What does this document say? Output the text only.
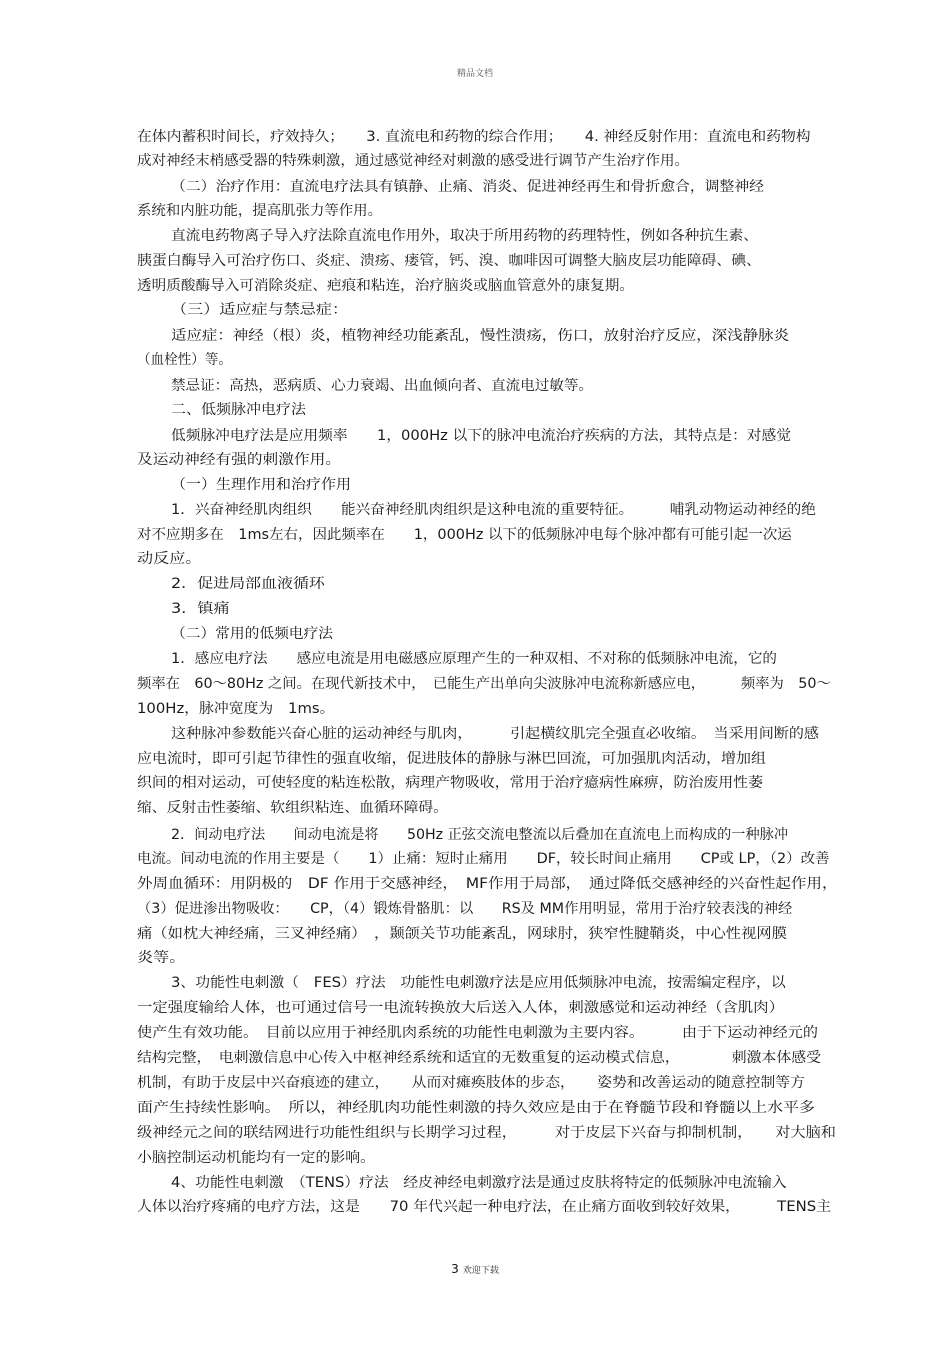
精品文档
在体内蓄积时间长，疗效持久；　　3. 直流电和药物的综合作用；　　4. 神经反射作用：直流电和药物构
成对神经末梢感受器的特殊刺激，通过感觉神经对刺激的感受进行调节产生治疗作用。
（二）治疗作用：直流电疗法具有镇静、止痛、消炎、促进神经再生和骨折愈合，调整神经
系统和内脏功能，提高肌张力等作用。
直流电药物离子导入疗法除直流电作用外，取决于所用药物的药理特性，例如各种抗生素、
胰蛋白酶导入可治疗伤口、炎症、溃疡、瘘管，钙、溴、咖啡因可调整大脑皮层功能障碍、碘、
透明质酸酶导入可消除炎症、疤痕和粘连，治疗脑炎或脑血管意外的康复期。
（三）适应症与禁忌症：
适应症：神经（根）炎，植物神经功能紊乱，慢性溃疡，伤口，放射治疗反应，深浅静脉炎
（血栓性）等。
禁忌证：高热，恶病质、心力衰竭、出血倾向者、直流电过敏等。
二、低频脉冲电疗法
低频脉冲电疗法是应用频率　　1，000Hz 以下的脉冲电流治疗疾病的方法，其特点是：对感觉
及运动神经有强的刺激作用。
（一）生理作用和治疗作用
1．兴奋神经肌肉组织　　能兴奋神经肌肉组织是这种电流的重要特征。　　　哺乳动物运动神经的绝
对不应期多在　1ms左右，因此频率在　　1，000Hz 以下的低频脉冲电每个脉冲都有可能引起一次运
动反应。
2．促进局部血液循环
3．镇痛
（二）常用的低频电疗法
1．感应电疗法　　感应电流是用电磁感应原理产生的一种双相、不对称的低频脉冲电流，它的
频率在　60～80Hz 之间。在现代新技术中，　已能生产出单向尖波脉冲电流称新感应电，　　　频率为　50～
100Hz，脉冲宽度为　1ms。
这种脉冲参数能兴奋心脏的运动神经与肌肉，　　　引起横纹肌完全强直必收缩。　当采用间断的感
应电流时，即可引起节律性的强直收缩，促进肢体的静脉与淋巴回流，可加强肌肉活动，增加组
织间的相对运动，可使轻度的粘连松散，病理产物吸收，常用于治疗癔病性麻痹，防治废用性萎
缩、反射击性萎缩、软组织粘连、血循环障碍。
2．间动电疗法　　间动电流是将　　50Hz 正弦交流电整流以后叠加在直流电上而构成的一种脉冲
电流。间动电流的作用主要是（　　1）止痛：短时止痛用　　DF，较长时间止痛用　　CP或 LP，（2）改善
外周血循环：用阴极的　DF 作用于交感神经，　MF作用于局部，　通过降低交感神经的兴奋性起作用，
（3）促进渗出物吸收：　　CP，（4）锻炼骨骼肌：以　　RS及 MM作用明显，常用于治疗较表浅的神经
痛（如枕大神经痛，三叉神经痛）　，颞颌关节功能紊乱，网球肘，狭窄性腱鞘炎，中心性视网膜
炎等。
3、功能性电刺激（　FES）疗法　功能性电刺激疗法是应用低频脉冲电流，按需编定程序，以
一定强度输给人体，也可通过信号一电流转换放大后送入人体，刺激感觉和运动神经（含肌肉）
使产生有效功能。　目前以应用于神经肌肉系统的功能性电刺激为主要内容。　　　由于下运动神经元的
结构完整，　电刺激信息中心传入中枢神经系统和适宜的无数重复的运动模式信息，　　　　刺激本体感受
机制，有助于皮层中兴奋痕迹的建立，　　从而对瘫痪肢体的步态，　　姿势和改善运动的随意控制等方
面产生持续性影响。　所以，神经肌肉功能性刺激的持久效应是由于在脊髓节段和脊髓以上水平多
级神经元之间的联结网进行功能性组织与长期学习过程，　　　对于皮层下兴奋与抑制机制，　　对大脑和
小脑控制运动机能均有一定的影响。
4、功能性电刺激　（TENS）疗法　经皮神经电刺激疗法是通过皮肤将特定的低频脉冲电流输入
人体以治疗疼痛的电疗方法，这是　　70 年代兴起一种电疗法，在止痛方面收到较好效果，　　　TENS主
3 欢迎下载
